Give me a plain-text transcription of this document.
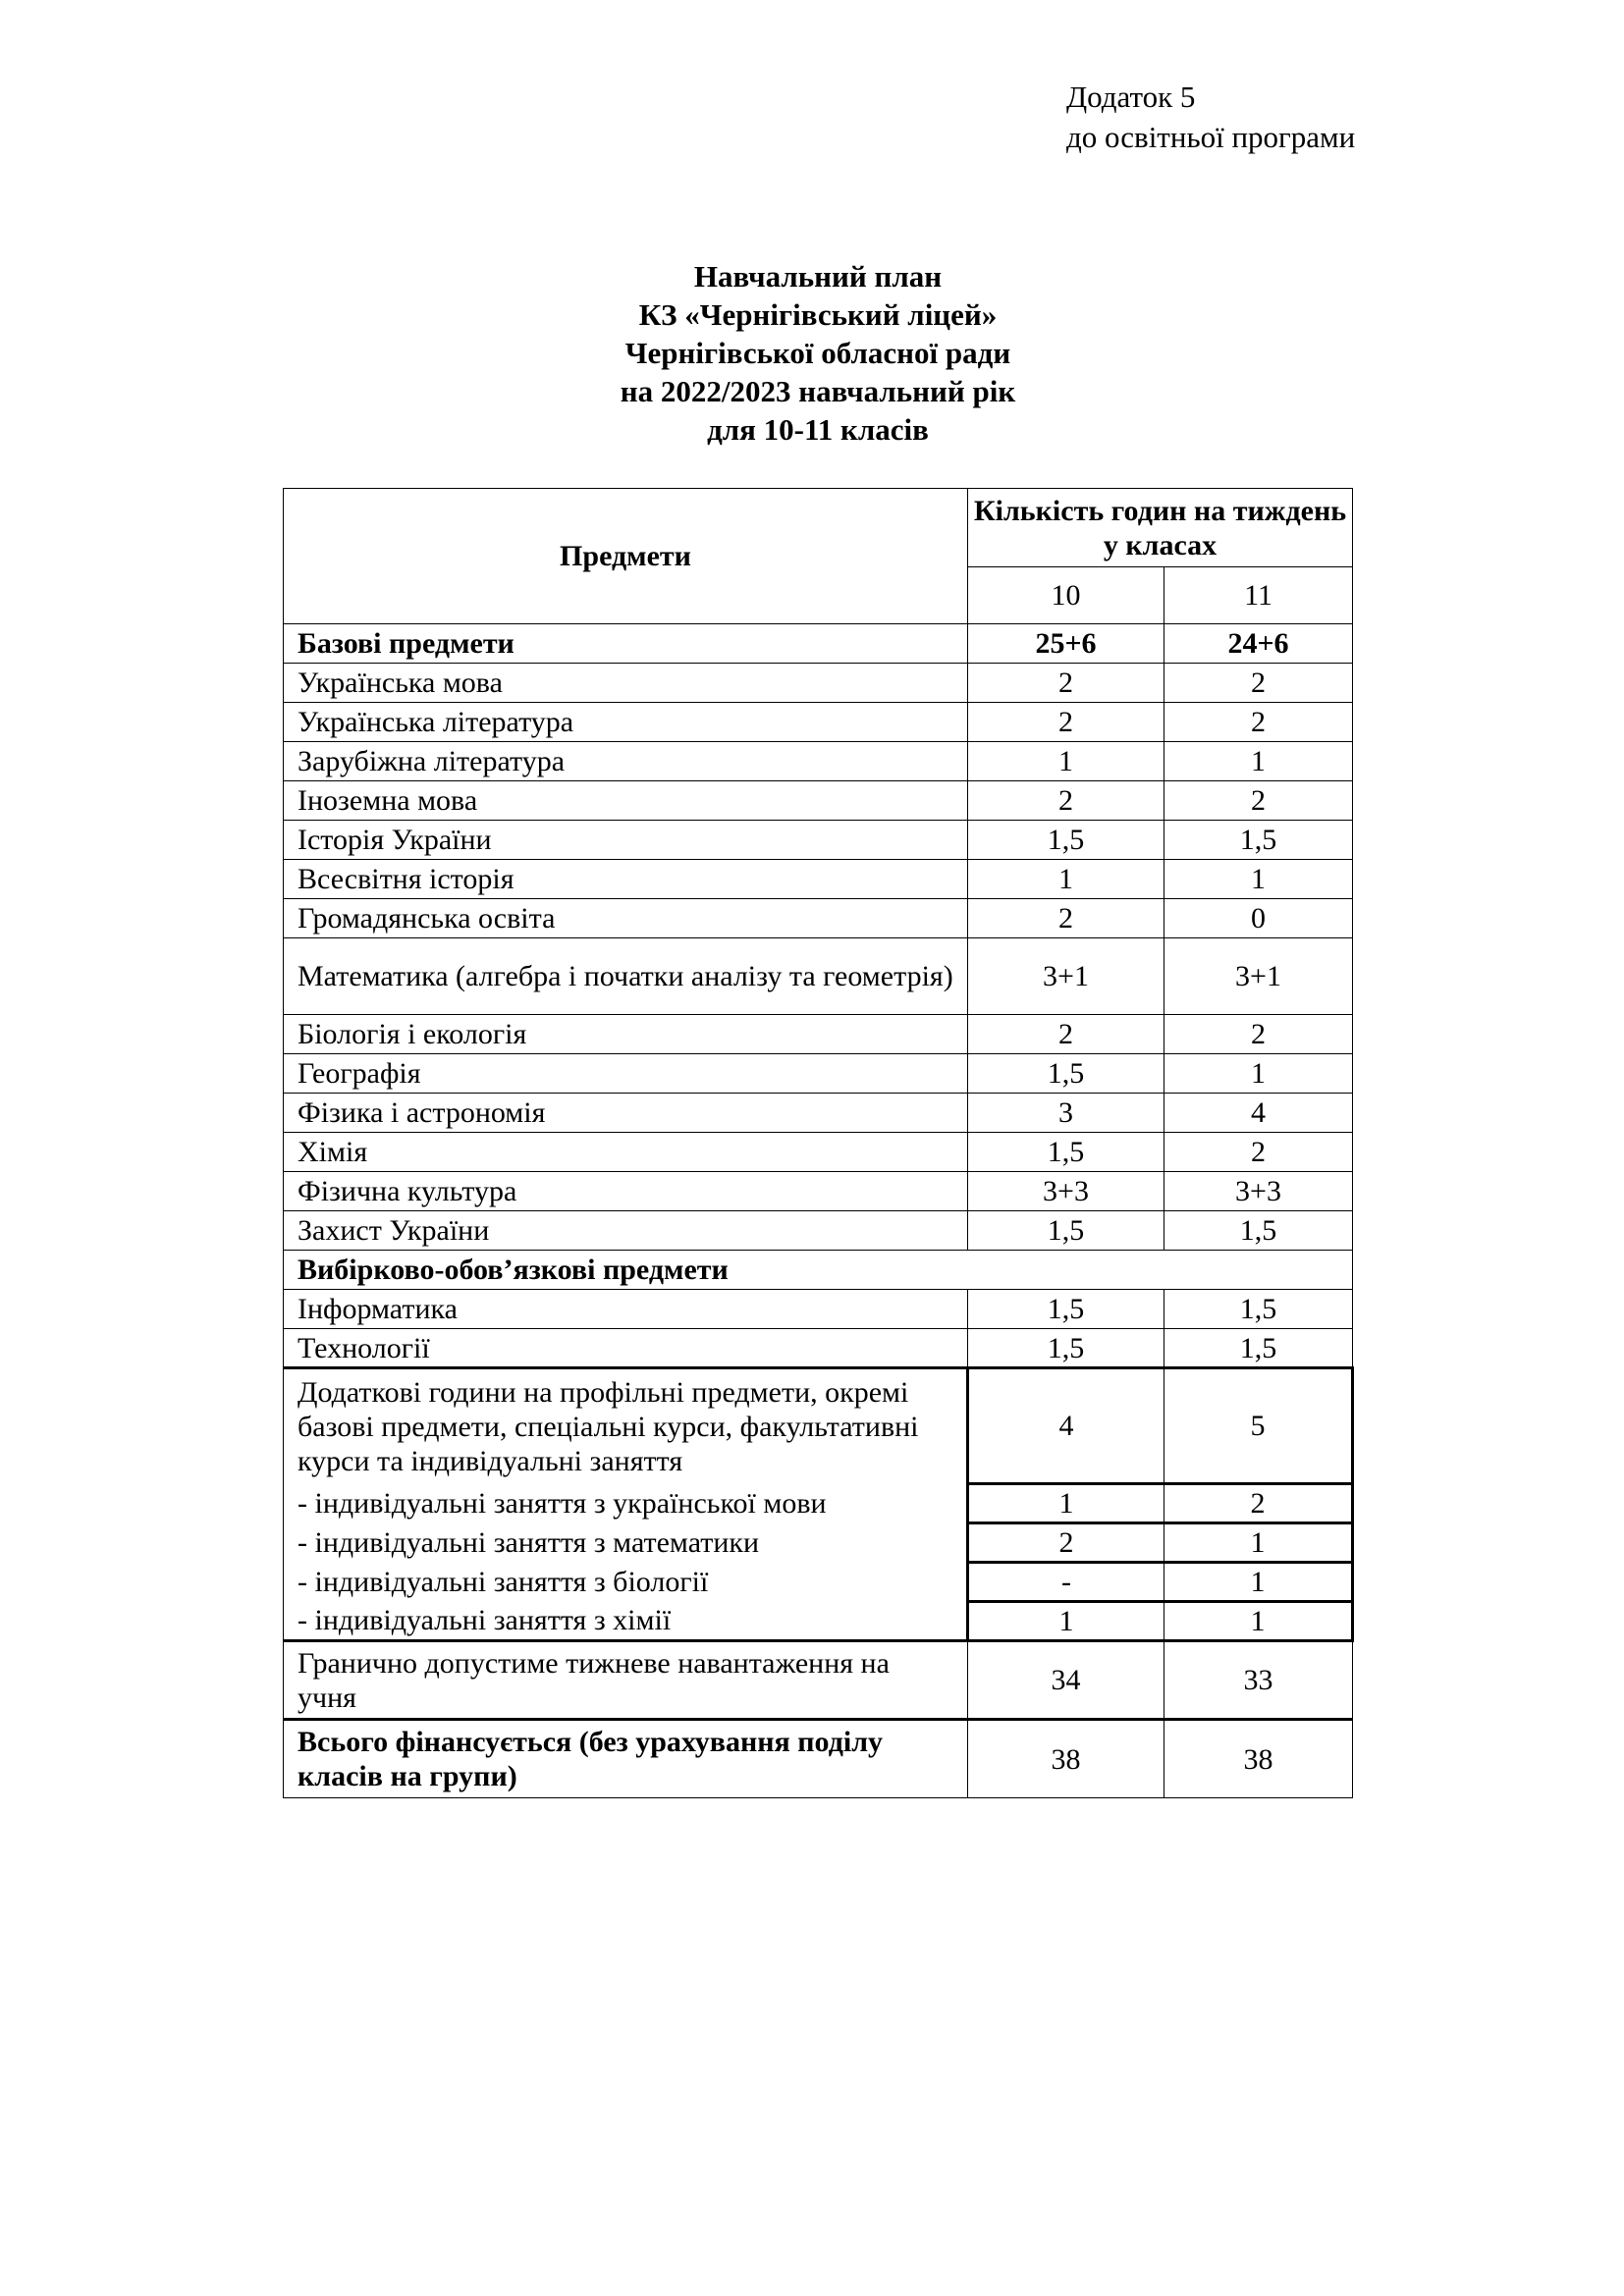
Додаток 5
до освітньої програми
Навчальний план
КЗ «Чернігівський ліцей»
Чернігівської обласної ради
на 2022/2023 навчальний рік
для 10-11 класів
Предмети	Кількість годин на тиждень у класах	
	10	11
Базові предмети	25+6	24+6
Українська мова	2	2
Українська література	2	2
Зарубіжна література	1	1
Іноземна мова	2	2
Історія України	1,5	1,5
Всесвітня історія	1	1
Громадянська освіта	2	0
Математика (алгебра і початки аналізу та геометрія)	3+1	3+1
Біологія і екологія	2	2
Географія	1,5	1
Фізика і астрономія	3	4
Хімія	1,5	2
Фізична культура	3+3	3+3
Захист України	1,5	1,5
Вибірково-обов’язкові предмети		
Інформатика	1,5	1,5
Технології	1,5	1,5
Додаткові години на профільні предмети, окремі базові предмети, спеціальні курси, факультативні курси та індивідуальні заняття	4	5
- індивідуальні заняття з української мови	1	2
- індивідуальні заняття з математики	2	1
- індивідуальні заняття з біології	-	1
- індивідуальні заняття з хімії	1	1
Гранично допустиме тижневе навантаження на учня	34	33
Всього фінансується (без урахування поділу класів на групи)	38	38
